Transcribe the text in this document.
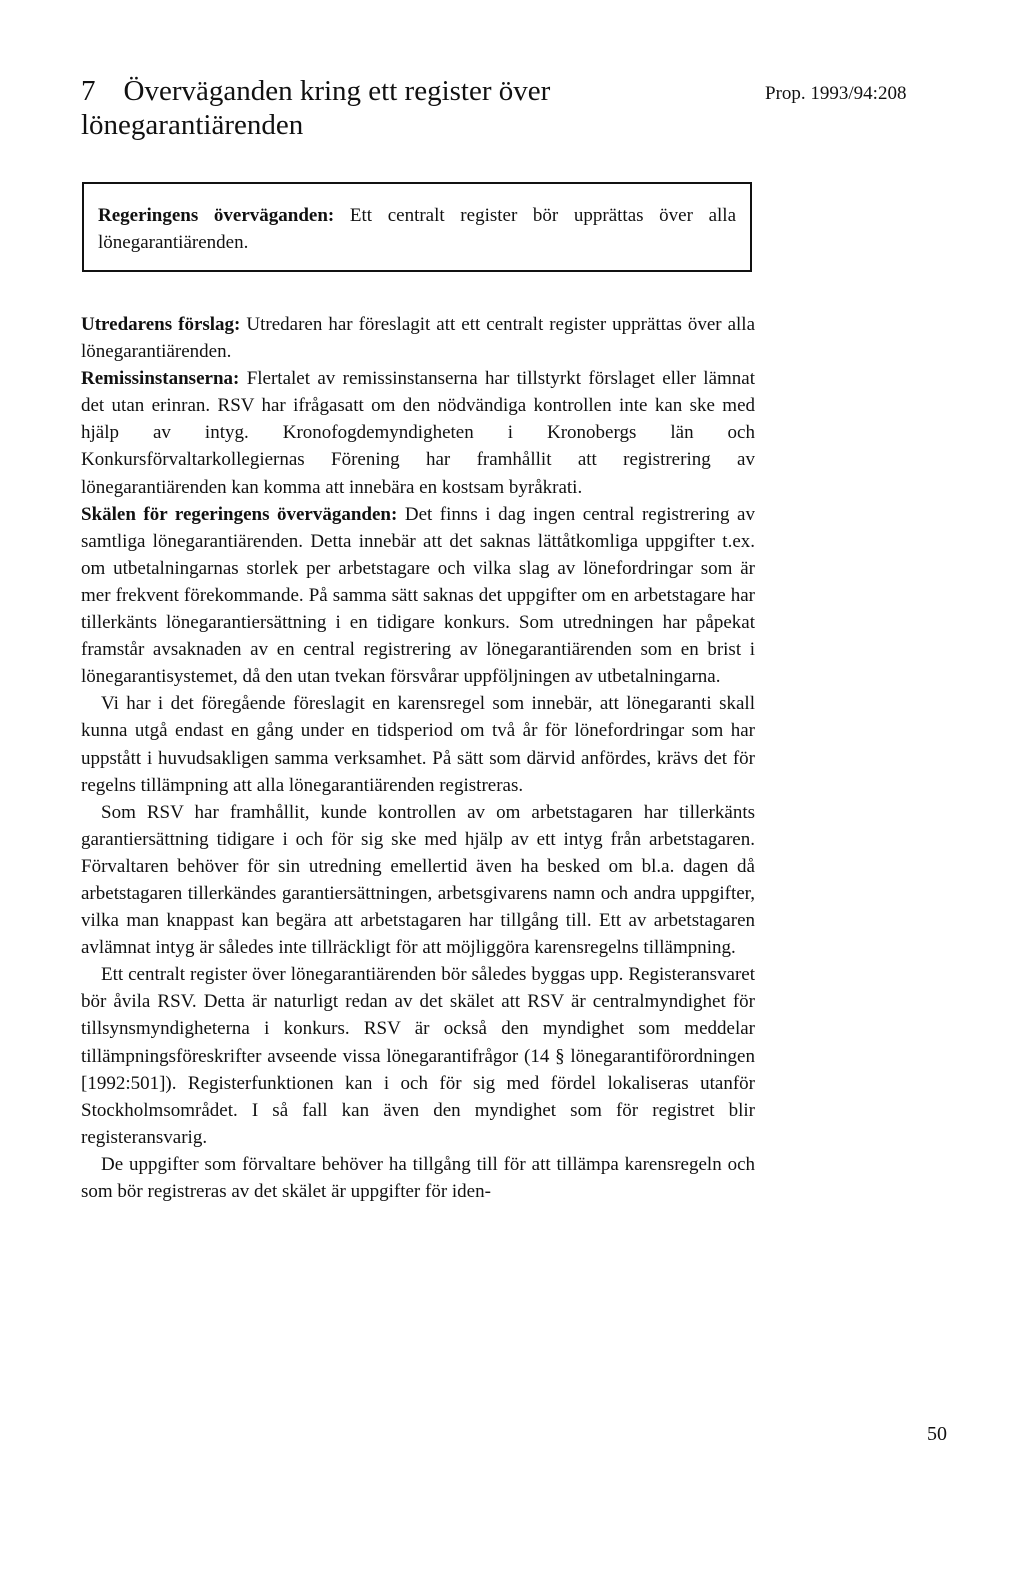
7 Överväganden kring ett register över lönegarantiärenden
Prop. 1993/94:208
Regeringens överväganden: Ett centralt register bör upprättas över alla lönegarantiärenden.

Utredarens förslag: Utredaren har föreslagit att ett centralt register upprättas över alla lönegarantiärenden.

Remissinstanserna: Flertalet av remissinstanserna har tillstyrkt förslaget eller lämnat det utan erinran. RSV har ifrågasatt om den nödvändiga kontrollen inte kan ske med hjälp av intyg. Kronofogdemyndigheten i Kronobergs län och Konkursförvaltarkollegiernas Förening har framhållit att registrering av lönegarantiärenden kan komma att innebära en kostsam byråkrati.

Skälen för regeringens överväganden: Det finns i dag ingen central registrering av samtliga lönegarantiärenden. Detta innebär att det saknas lättåtkomliga uppgifter t.ex. om utbetalningarnas storlek per arbetstagare och vilka slag av lönefordringar som är mer frekvent förekommande. På samma sätt saknas det uppgifter om en arbetstagare har tillerkänts lönegarantiersättning i en tidigare konkurs. Som utredningen har påpekat framstår avsaknaden av en central registrering av lönegarantiärenden som en brist i lönegarantisystemet, då den utan tvekan försvårar uppföljningen av utbetalningarna.

Vi har i det föregående föreslagit en karensregel som innebär, att lönegaranti skall kunna utgå endast en gång under en tidsperiod om två år för lönefordringar som har uppstått i huvudsakligen samma verksamhet. På sätt som därvid anfördes, krävs det för regelns tillämpning att alla lönegarantiärenden registreras.

Som RSV har framhållit, kunde kontrollen av om arbetstagaren har tillerkänts garantiersättning tidigare i och för sig ske med hjälp av ett intyg från arbetstagaren. Förvaltaren behöver för sin utredning emellertid även ha besked om bl.a. dagen då arbetstagaren tillerkändes garantiersättningen, arbetsgivarens namn och andra uppgifter, vilka man knappast kan begära att arbetstagaren har tillgång till. Ett av arbetstagaren avlämnat intyg är således inte tillräckligt för att möjliggöra karensregelns tillämpning.

Ett centralt register över lönegarantiärenden bör således byggas upp. Registeransvaret bör åvila RSV. Detta är naturligt redan av det skälet att RSV är centralmyndighet för tillsynsmyndigheterna i konkurs. RSV är också den myndighet som meddelar tillämpningsföreskrifter avseende vissa lönegarantifrågor (14 § lönegarantiförordningen [1992:501]). Registerfunktionen kan i och för sig med fördel lokaliseras utanför Stockholmsområdet. I så fall kan även den myndighet som för registret blir registeransvarig.

De uppgifter som förvaltare behöver ha tillgång till för att tillämpa karensregeln och som bör registreras av det skälet är uppgifter för iden-

50
